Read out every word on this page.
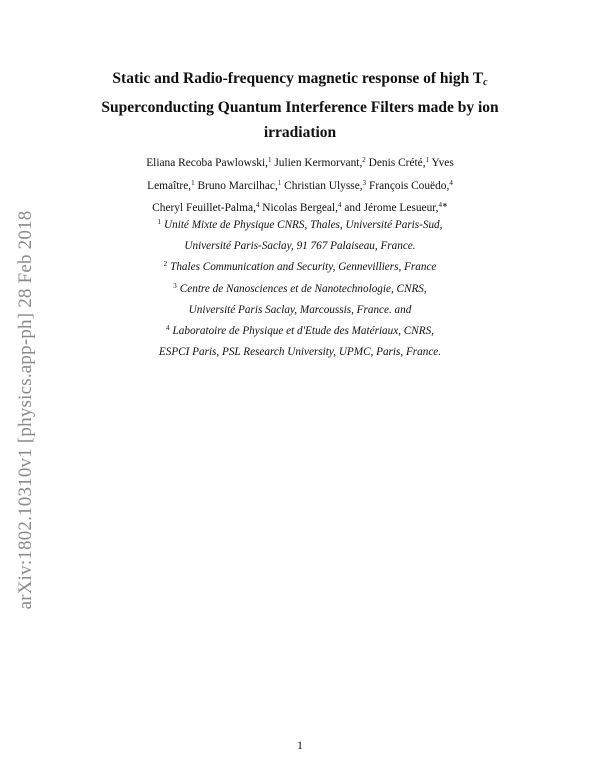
arXiv:1802.10310v1 [physics.app-ph] 28 Feb 2018
Static and Radio-frequency magnetic response of high $T_c$
Superconducting Quantum Interference Filters made by ion
irradiation
Eliana Recoba Pawlowski,$^1$ Julien Kermorvant,$^2$ Denis Crété,$^1$ Yves
Lemaître,$^1$ Bruno Marcilhac,$^1$ Christian Ulysse,$^3$ François Couëdo,$^4$
Cheryl Feuillet-Palma,$^4$ Nicolas Bergeal,$^4$ and Jérome Lesueur,$^{4∗}$
$^1$ Unité Mixte de Physique CNRS, Thales, Université Paris-Sud,
Université Paris-Saclay, 91 767 Palaiseau, France.
$^2$ Thales Communication and Security, Gennevilliers, France
$^3$ Centre de Nanosciences et de Nanotechnologie, CNRS,
Université Paris Saclay, Marcoussis, France. and
$^4$ Laboratoire de Physique et d'Etude des Matériaux, CNRS,
ESPCI Paris, PSL Research University, UPMC, Paris, France.
1
